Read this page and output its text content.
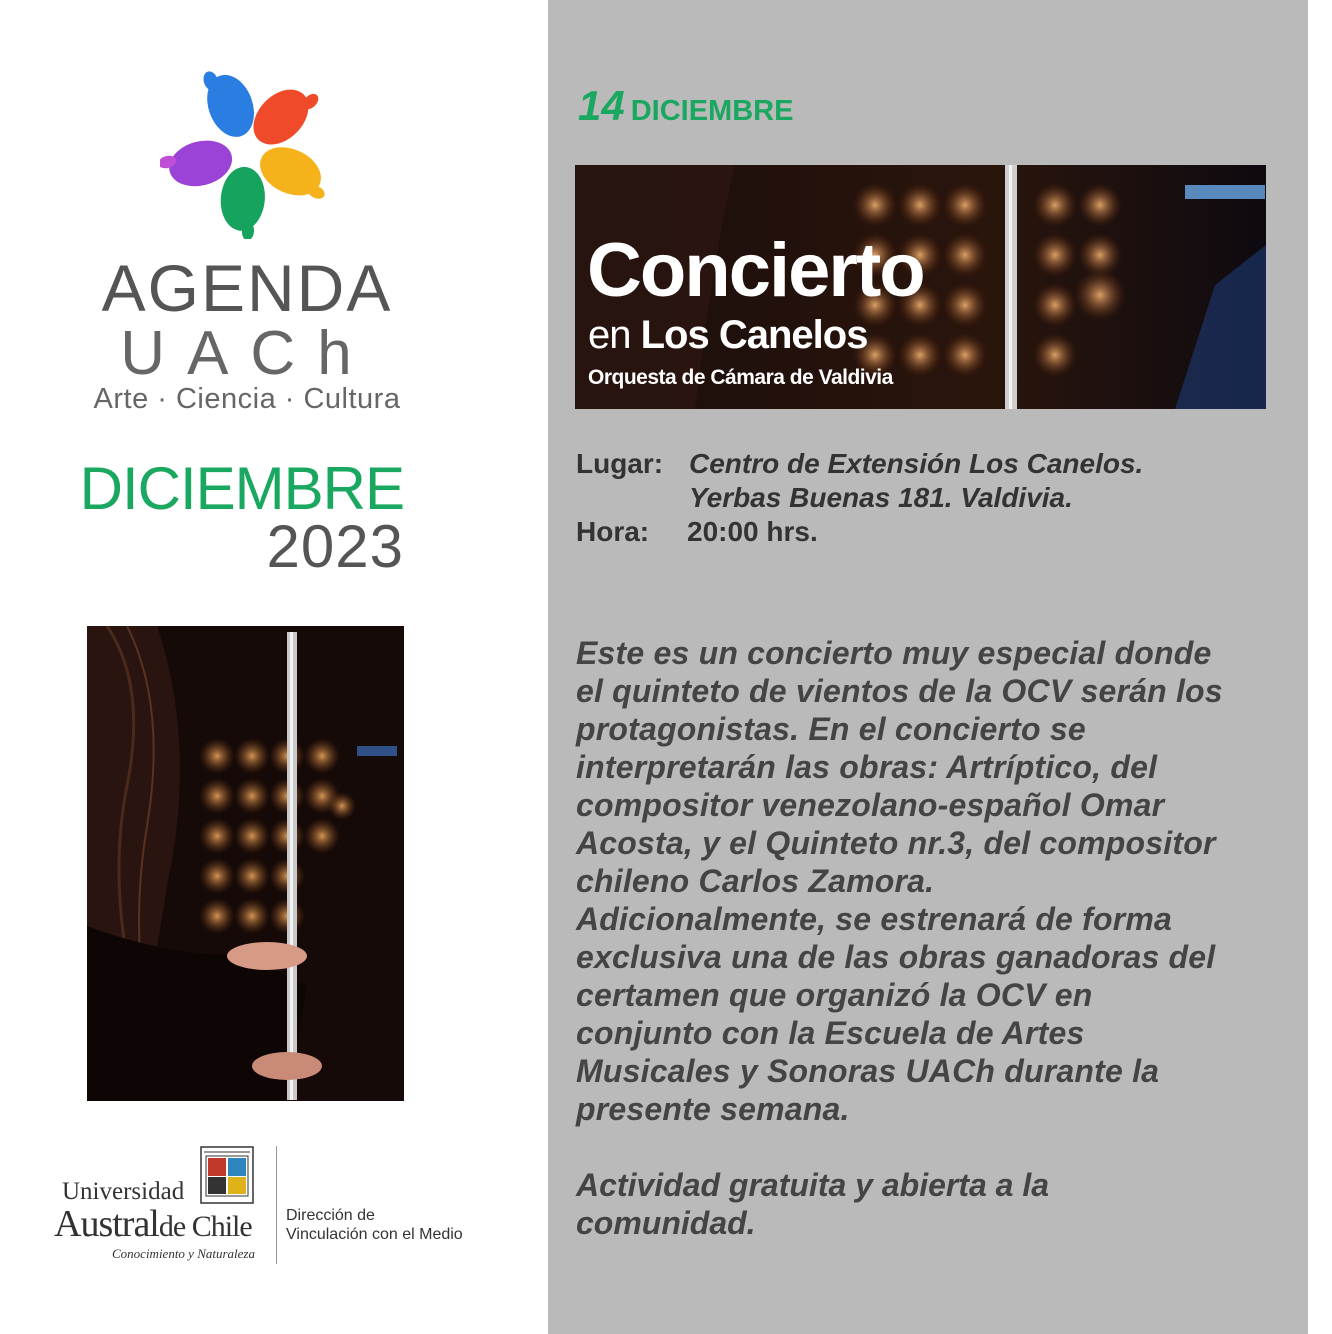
AGENDA
UACh
Arte · Ciencia · Cultura
DICIEMBRE
2023
Universidad
Australde Chile
Conocimiento y Naturaleza
Dirección de
Vinculación con el Medio
14 DICIEMBRE
Concierto
en Los Canelos
Orquesta de Cámara de Valdivia
Lugar: Centro de Extensión Los Canelos.
Yerbas Buenas 181. Valdivia.
Hora: 20:00 hrs.
Este es un concierto muy especial donde
el quinteto de vientos de la OCV serán los
protagonistas. En el concierto se
interpretarán las obras: Artríptico, del
compositor venezolano-español Omar
Acosta, y el Quinteto nr.3, del compositor
chileno Carlos Zamora.
Adicionalmente, se estrenará de forma
exclusiva una de las obras ganadoras del
certamen que organizó la OCV en
conjunto con la Escuela de Artes
Musicales y Sonoras UACh durante la
presente semana.
Actividad gratuita y abierta a la
comunidad.
